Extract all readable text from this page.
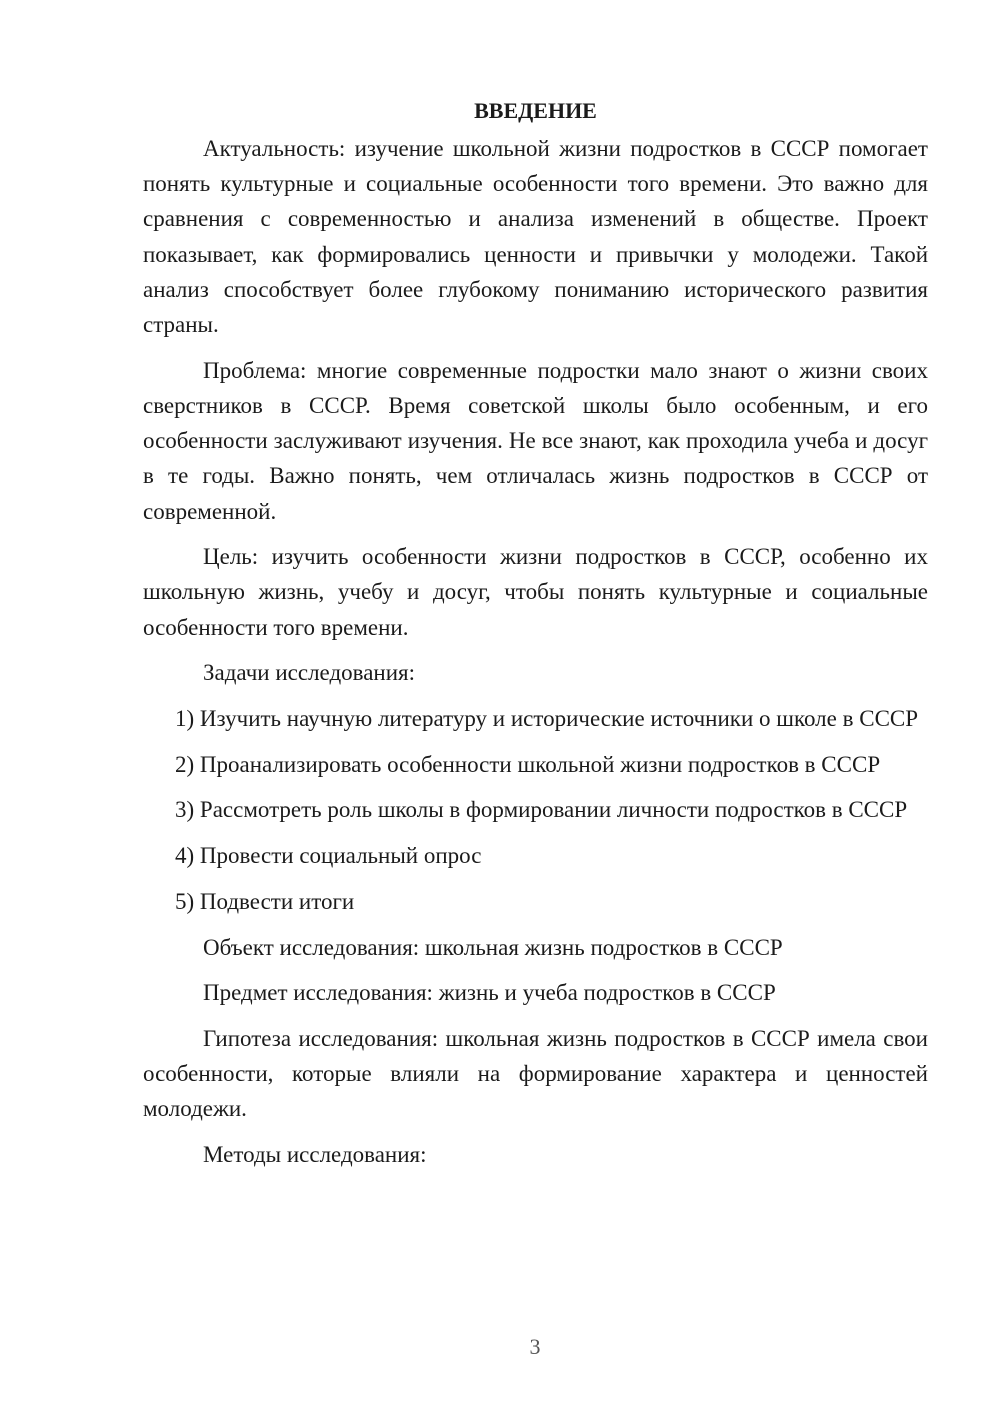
ВВЕДЕНИЕ

Актуальность: изучение школьной жизни подростков в СССР помогает понять культурные и социальные особенности того времени. Это важно для сравнения с современностью и анализа изменений в обществе. Проект показывает, как формировались ценности и привычки у молодежи. Такой анализ способствует более глубокому пониманию исторического развития страны.

Проблема: многие современные подростки мало знают о жизни своих сверстников в СССР. Время советской школы было особенным, и его особенности заслуживают изучения. Не все знают, как проходила учеба и досуг в те годы. Важно понять, чем отличалась жизнь подростков в СССР от современной.

Цель: изучить особенности жизни подростков в СССР, особенно их школьную жизнь, учебу и досуг, чтобы понять культурные и социальные особенности того времени.

Задачи исследования:

1) Изучить научную литературу и исторические источники о школе в СССР
2) Проанализировать особенности школьной жизни подростков в СССР
3) Рассмотреть роль школы в формировании личности подростков в СССР
4) Провести социальный опрос
5) Подвести итоги

Объект исследования: школьная жизнь подростков в СССР

Предмет исследования: жизнь и учеба подростков в СССР

Гипотеза исследования: школьная жизнь подростков в СССР имела свои особенности, которые влияли на формирование характера и ценностей молодежи.

Методы исследования:

3
